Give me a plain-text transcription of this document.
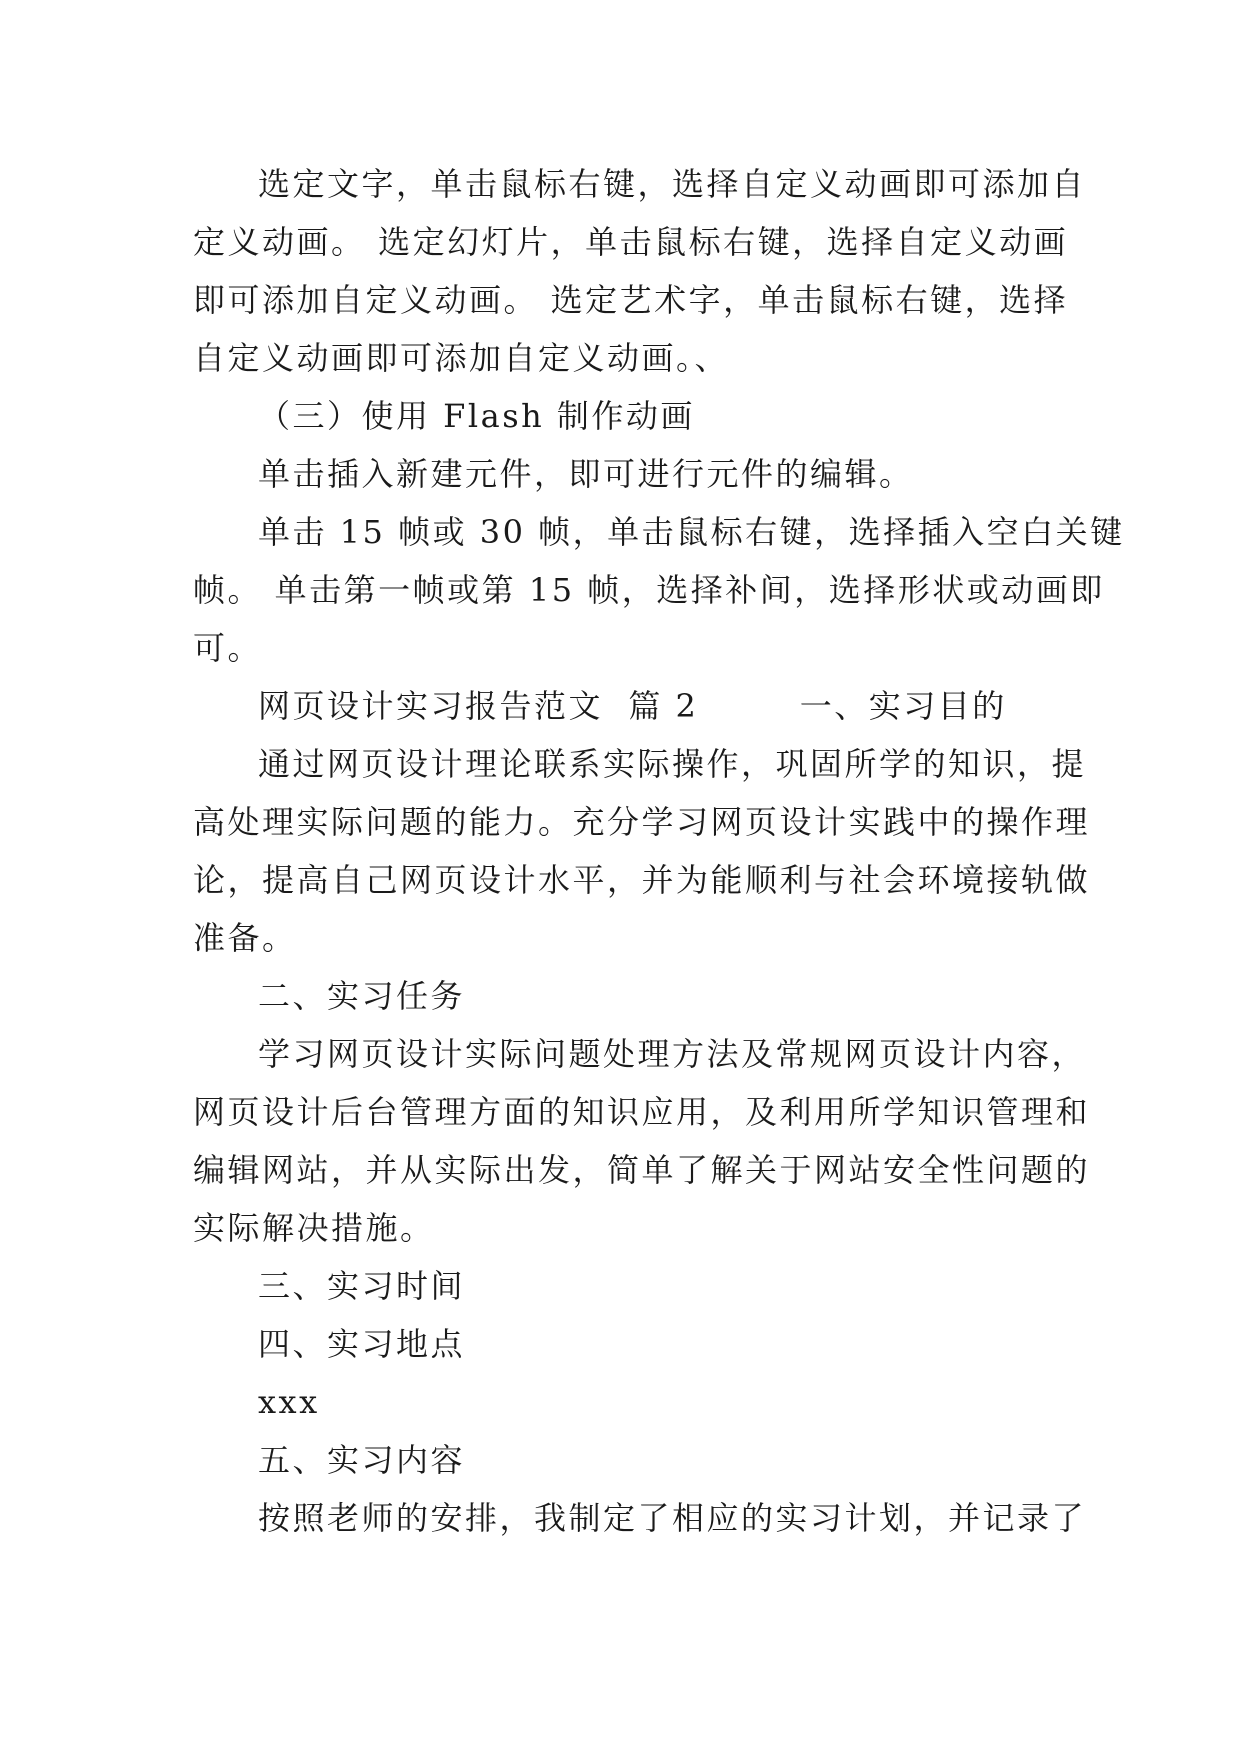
选定文字，单击鼠标右键，选择自定义动画即可添加自
定义动画。 选定幻灯片，单击鼠标右键，选择自定义动画
即可添加自定义动画。 选定艺术字，单击鼠标右键，选择
自定义动画即可添加自定义动画。、
（三）使用 Flash 制作动画
单击插入新建元件，即可进行元件的编辑。
单击 15 帧或 30 帧，单击鼠标右键，选择插入空白关键
帧。 单击第一帧或第 15 帧，选择补间，选择形状或动画即
可。
网页设计实习报告范文  篇 2        一、实习目的
通过网页设计理论联系实际操作，巩固所学的知识，提
高处理实际问题的能力。充分学习网页设计实践中的操作理
论，提高自己网页设计水平，并为能顺利与社会环境接轨做
准备。
二、实习任务
学习网页设计实际问题处理方法及常规网页设计内容，
网页设计后台管理方面的知识应用，及利用所学知识管理和
编辑网站，并从实际出发，简单了解关于网站安全性问题的
实际解决措施。
三、实习时间
四、实习地点
xxx
五、实习内容
按照老师的安排，我制定了相应的实习计划，并记录了
